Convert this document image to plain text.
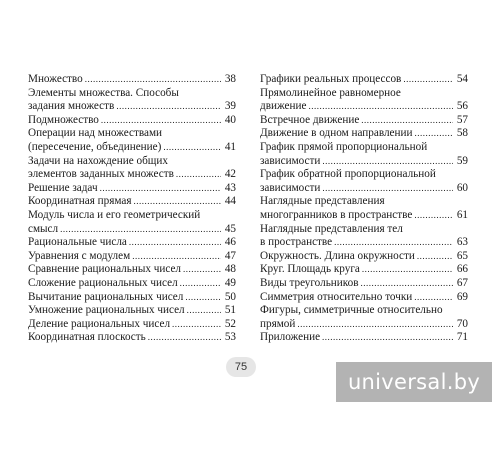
Множество .....	38
Элементы множества. Способы
задания множеств .....	39
Подмножество .....	40
Операции над множествами
(пересечение, объединение) .....	41
Задачи на нахождение общих
элементов заданных множеств .....	42
Решение задач .....	43
Координатная прямая .....	44
Модуль числа и его геометрический
смысл .....	45
Рациональные числа .....	46
Уравнения с модулем .....	47
Сравнение рациональных чисел .....	48
Сложение рациональных чисел .....	49
Вычитание рациональных чисел .....	50
Умножение рациональных чисел .....	51
Деление рациональных чисел .....	52
Координатная плоскость .....	53
Графики реальных процессов .....	54
Прямолинейное равномерное
движение .....	56
Встречное движение .....	57
Движение в одном направлении .....	58
График прямой пропорциональной
зависимости .....	59
График обратной пропорциональной
зависимости .....	60
Наглядные представления
многогранников в пространстве .....	61
Наглядные представления тел
в пространстве .....	63
Окружность. Длина окружности .....	65
Круг. Площадь круга .....	66
Виды треугольников .....	67
Симметрия относительно точки .....	69
Фигуры, симметричные относительно
прямой .....	70
Приложение .....	71
75
universal.by
